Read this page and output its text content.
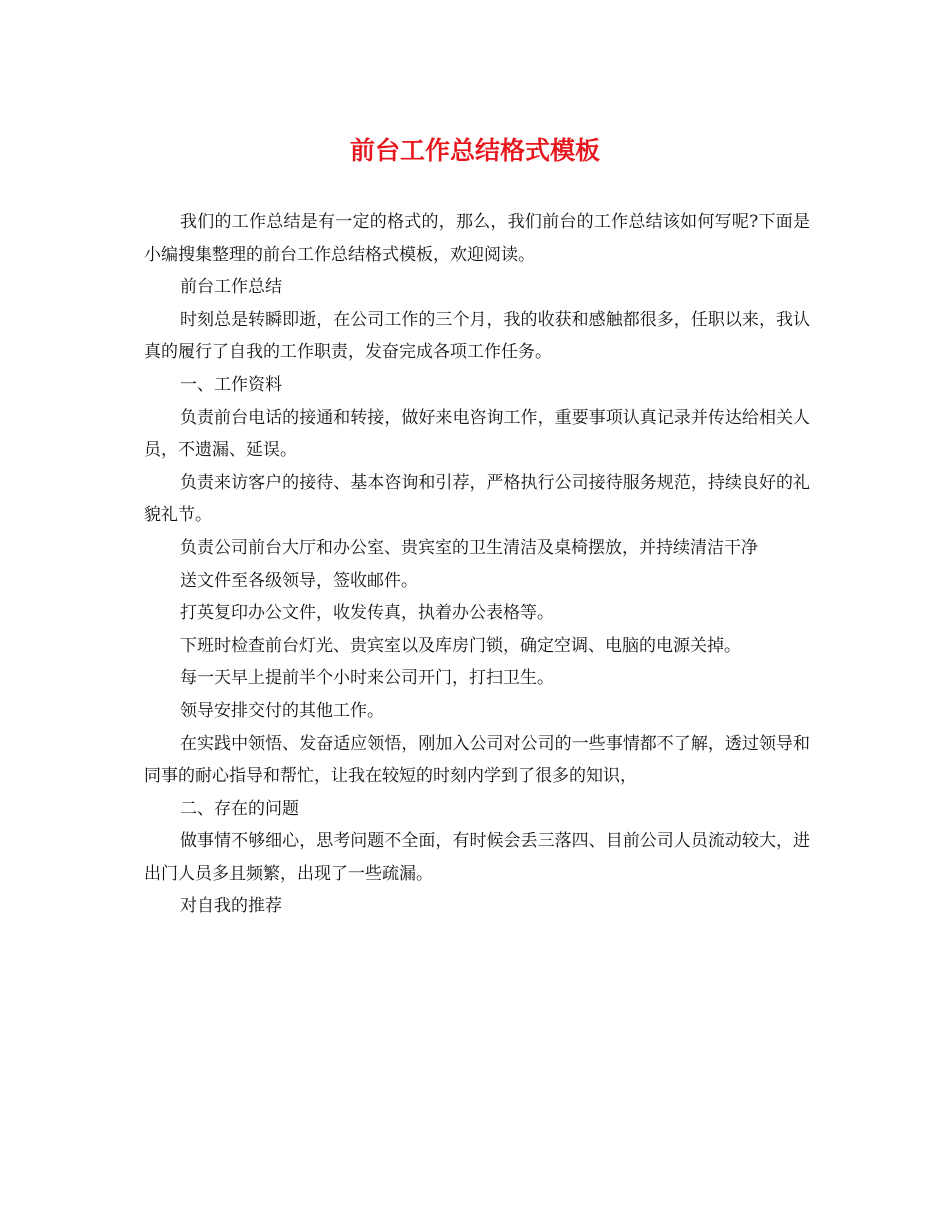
前台工作总结格式模板

我们的工作总结是有一定的格式的，那么，我们前台的工作总结该如何写呢?下面是小编搜集整理的前台工作总结格式模板，欢迎阅读。

前台工作总结

时刻总是转瞬即逝，在公司工作的三个月，我的收获和感触都很多，任职以来，我认真的履行了自我的工作职责，发奋完成各项工作任务。

一、工作资料

负责前台电话的接通和转接，做好来电咨询工作，重要事项认真记录并传达给相关人员，不遗漏、延误。

负责来访客户的接待、基本咨询和引荐，严格执行公司接待服务规范，持续良好的礼貌礼节。

负责公司前台大厅和办公室、贵宾室的卫生清洁及桌椅摆放，并持续清洁干净

送文件至各级领导，签收邮件。

打英复印办公文件，收发传真，执着办公表格等。

下班时检查前台灯光、贵宾室以及库房门锁，确定空调、电脑的电源关掉。

每一天早上提前半个小时来公司开门，打扫卫生。

领导安排交付的其他工作。

在实践中领悟、发奋适应领悟，刚加入公司对公司的一些事情都不了解，透过领导和同事的耐心指导和帮忙，让我在较短的时刻内学到了很多的知识，

二、存在的问题

做事情不够细心，思考问题不全面，有时候会丢三落四、目前公司人员流动较大，进出门人员多且频繁，出现了一些疏漏。

对自我的推荐
